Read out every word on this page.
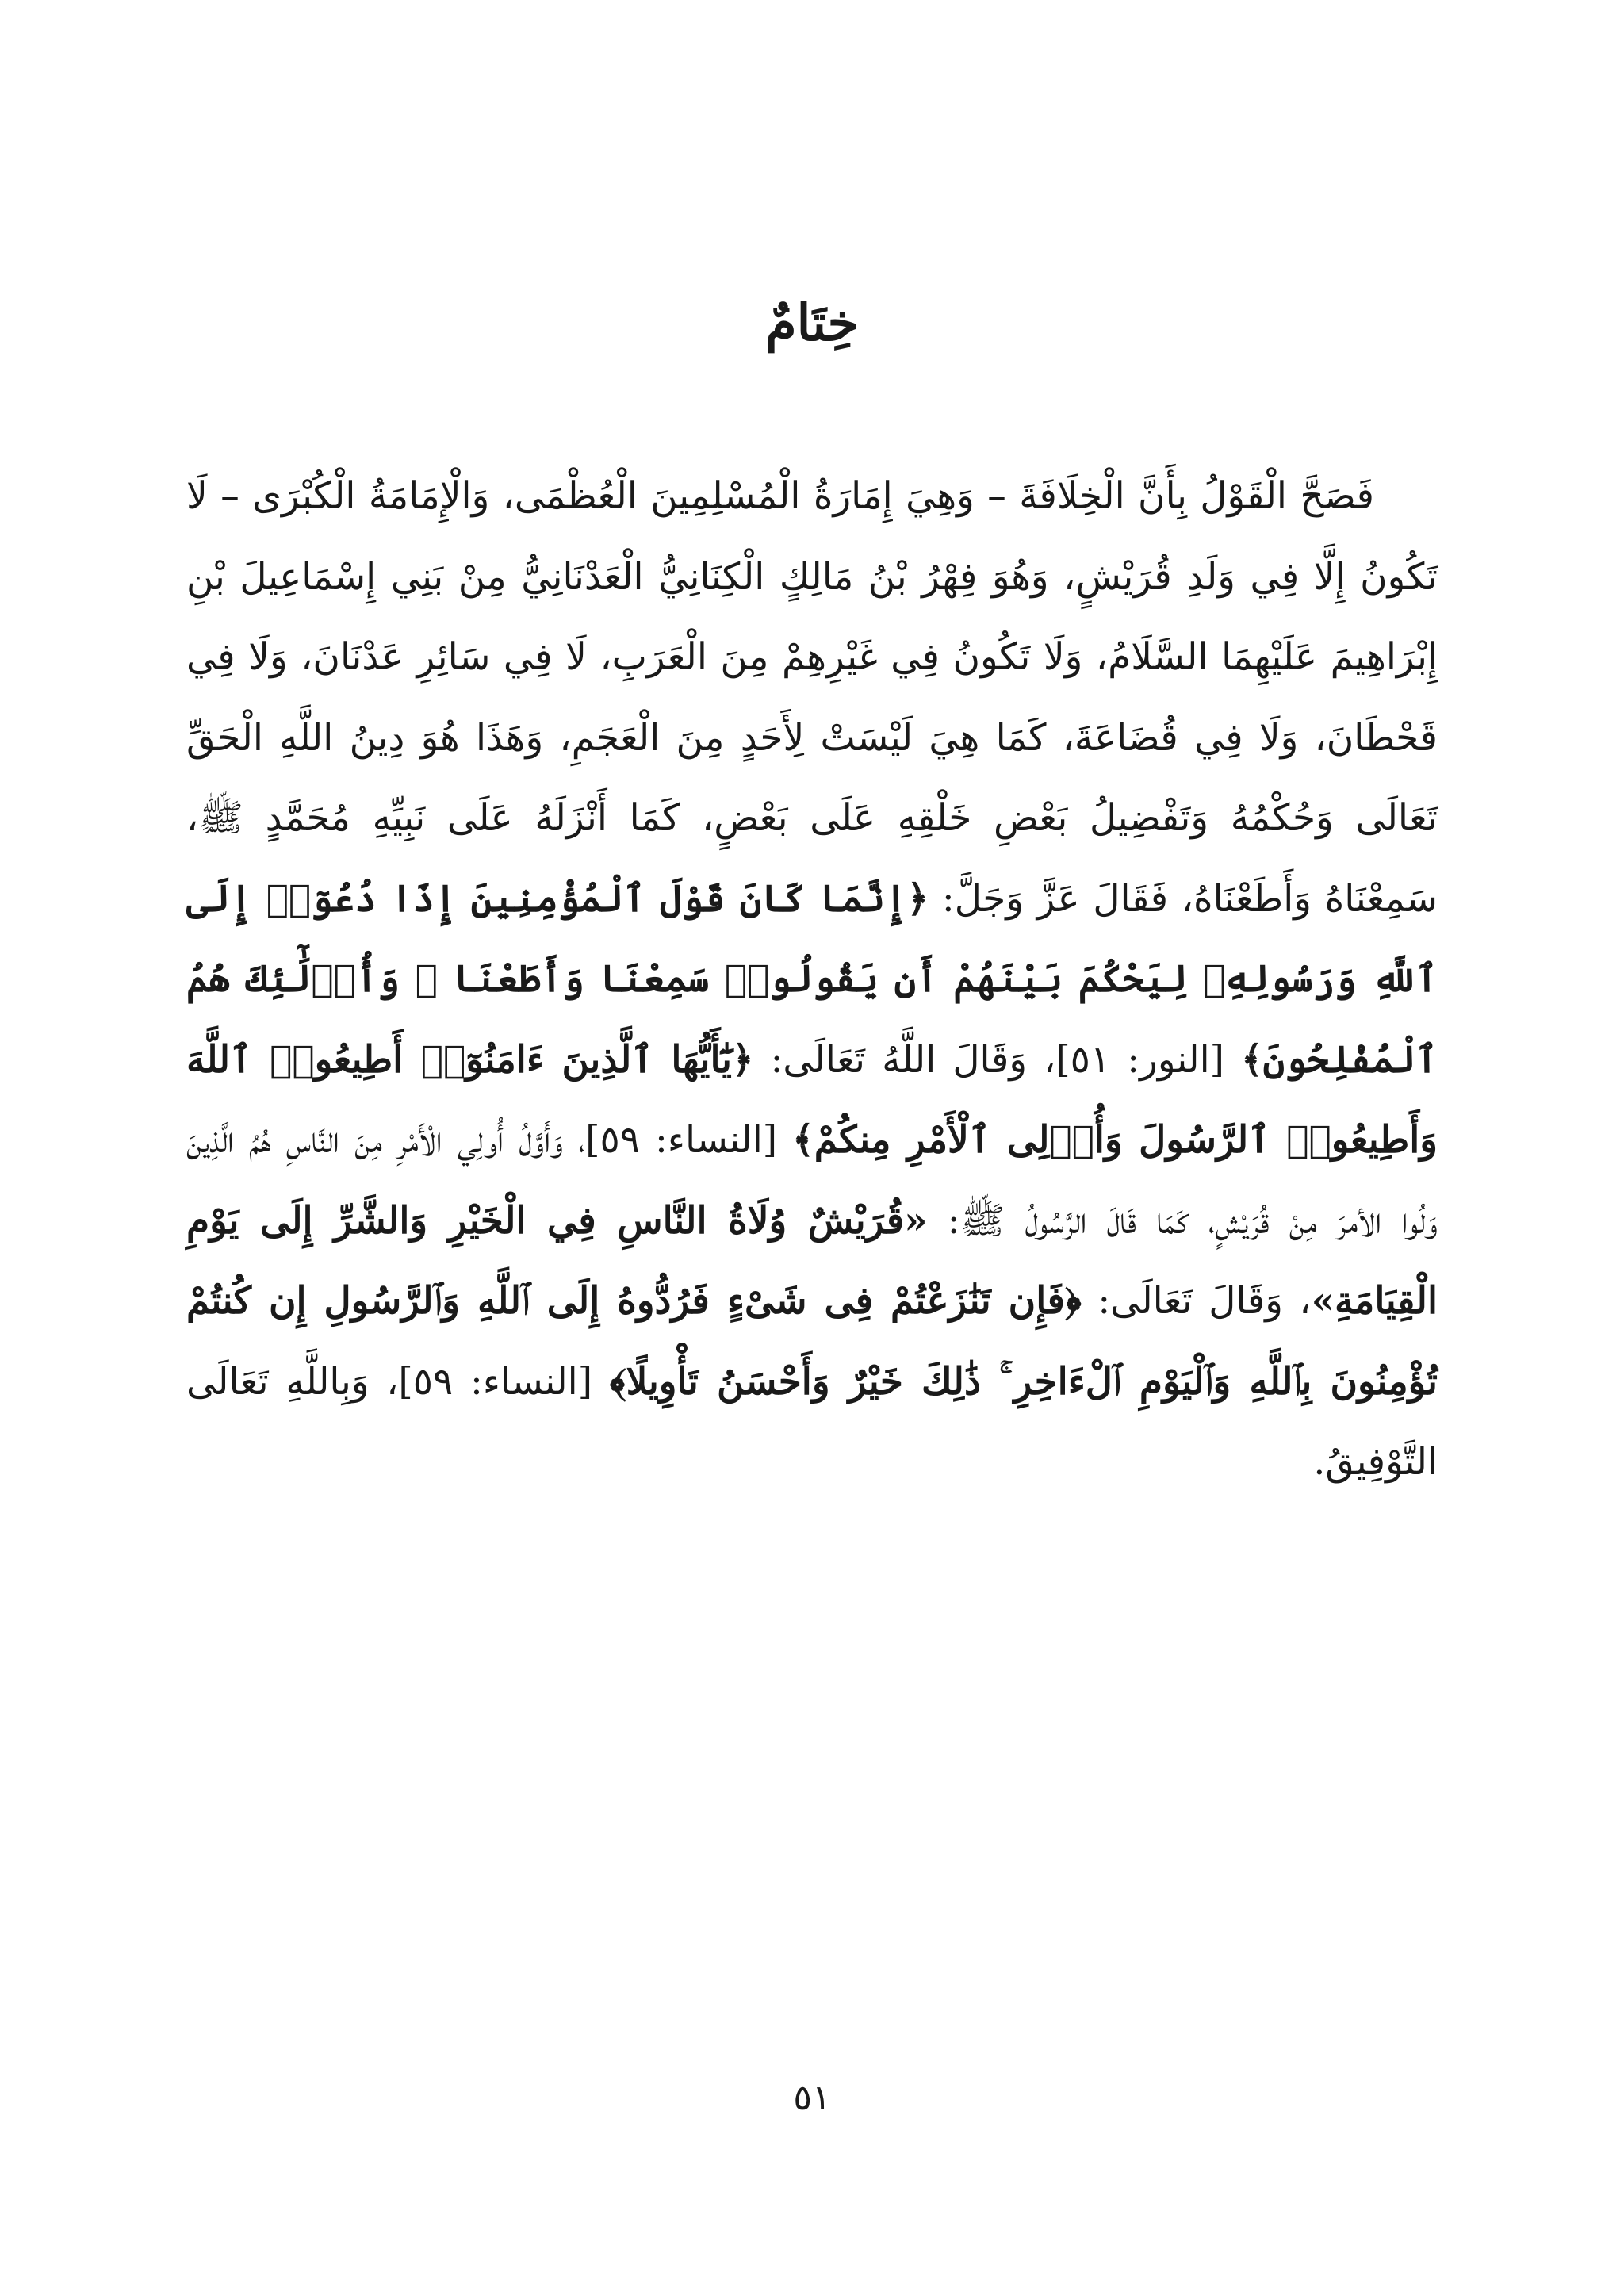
خِتَامٌ

فَصَحَّ الْقَوْلُ بِأَنَّ الْخِلَافَةَ – وَهِيَ إِمَارَةُ الْمُسْلِمِينَ الْعُظْمَى، وَالْإِمَامَةُ الْكُبْرَى – لَا تَكُونُ إِلَّا فِي وَلَدِ قُرَيْشٍ، وَهُوَ فِهْرُ بْنُ مَالِكٍ الْكِنَانِيُّ الْعَدْنَانِيُّ مِنْ بَنِي إِسْمَاعِيلَ بْنِ إِبْرَاهِيمَ عَلَيْهِمَا السَّلَامُ، وَلَا تَكُونُ فِي غَيْرِهِمْ مِنَ الْعَرَبِ، لَا فِي سَائِرِ عَدْنَانَ، وَلَا فِي قَحْطَانَ، وَلَا فِي قُضَاعَةَ، كَمَا هِيَ لَيْسَتْ لِأَحَدٍ مِنَ الْعَجَمِ، وَهَذَا هُوَ دِينُ اللَّهِ الْحَقِّ تَعَالَى وَحُكْمُهُ وَتَفْضِيلُ بَعْضِ خَلْقِهِ عَلَى بَعْضٍ، كَمَا أَنْزَلَهُ عَلَى نَبِيِّهِ مُحَمَّدٍ ﷺ، سَمِعْنَاهُ وَأَطَعْنَاهُ، فَقَالَ عَزَّ وَجَلَّ: ﴿إِنَّمَا كَانَ قَوْلَ ٱلْمُؤْمِنِينَ إِذَا دُعُوٓا۟ إِلَى ٱللَّهِ وَرَسُولِهِۦ لِيَحْكُمَ بَيْنَهُمْ أَن يَقُولُوا۟ سَمِعْنَا وَأَطَعْنَا ۚ وَأُو۟لَٰٓئِكَ هُمُ ٱلْمُفْلِحُونَ﴾ [النور: ٥١]، وَقَالَ اللَّهُ تَعَالَى: ﴿يَٰٓأَيُّهَا ٱلَّذِينَ ءَامَنُوٓا۟ أَطِيعُوا۟ ٱللَّهَ وَأَطِيعُوا۟ ٱلرَّسُولَ وَأُو۟لِى ٱلْأَمْرِ مِنكُمْ﴾ [النساء: ٥٩]، وَأَوَّلُ أُولِي الْأَمْرِ مِنَ النَّاسِ هُمُ الَّذِينَ وَلُوا الأمرَ مِنْ قُرَيْشٍ، كَمَا قَالَ الرَّسُولُ ﷺ: «قُرَيْشٌ وُلَاةُ النَّاسِ فِي الْخَيْرِ وَالشَّرِّ إِلَى يَوْمِ الْقِيَامَةِ»، وَقَالَ تَعَالَى: ﴿فَإِن تَنَٰزَعْتُمْ فِى شَىْءٍ فَرُدُّوهُ إِلَى ٱللَّهِ وَٱلرَّسُولِ إِن كُنتُمْ تُؤْمِنُونَ بِٱللَّهِ وَٱلْيَوْمِ ٱلْءَاخِرِ ۚ ذَٰلِكَ خَيْرٌ وَأَحْسَنُ تَأْوِيلًا﴾ [النساء: ٥٩]، وَبِاللَّهِ تَعَالَى التَّوْفِيقُ.

٥١
